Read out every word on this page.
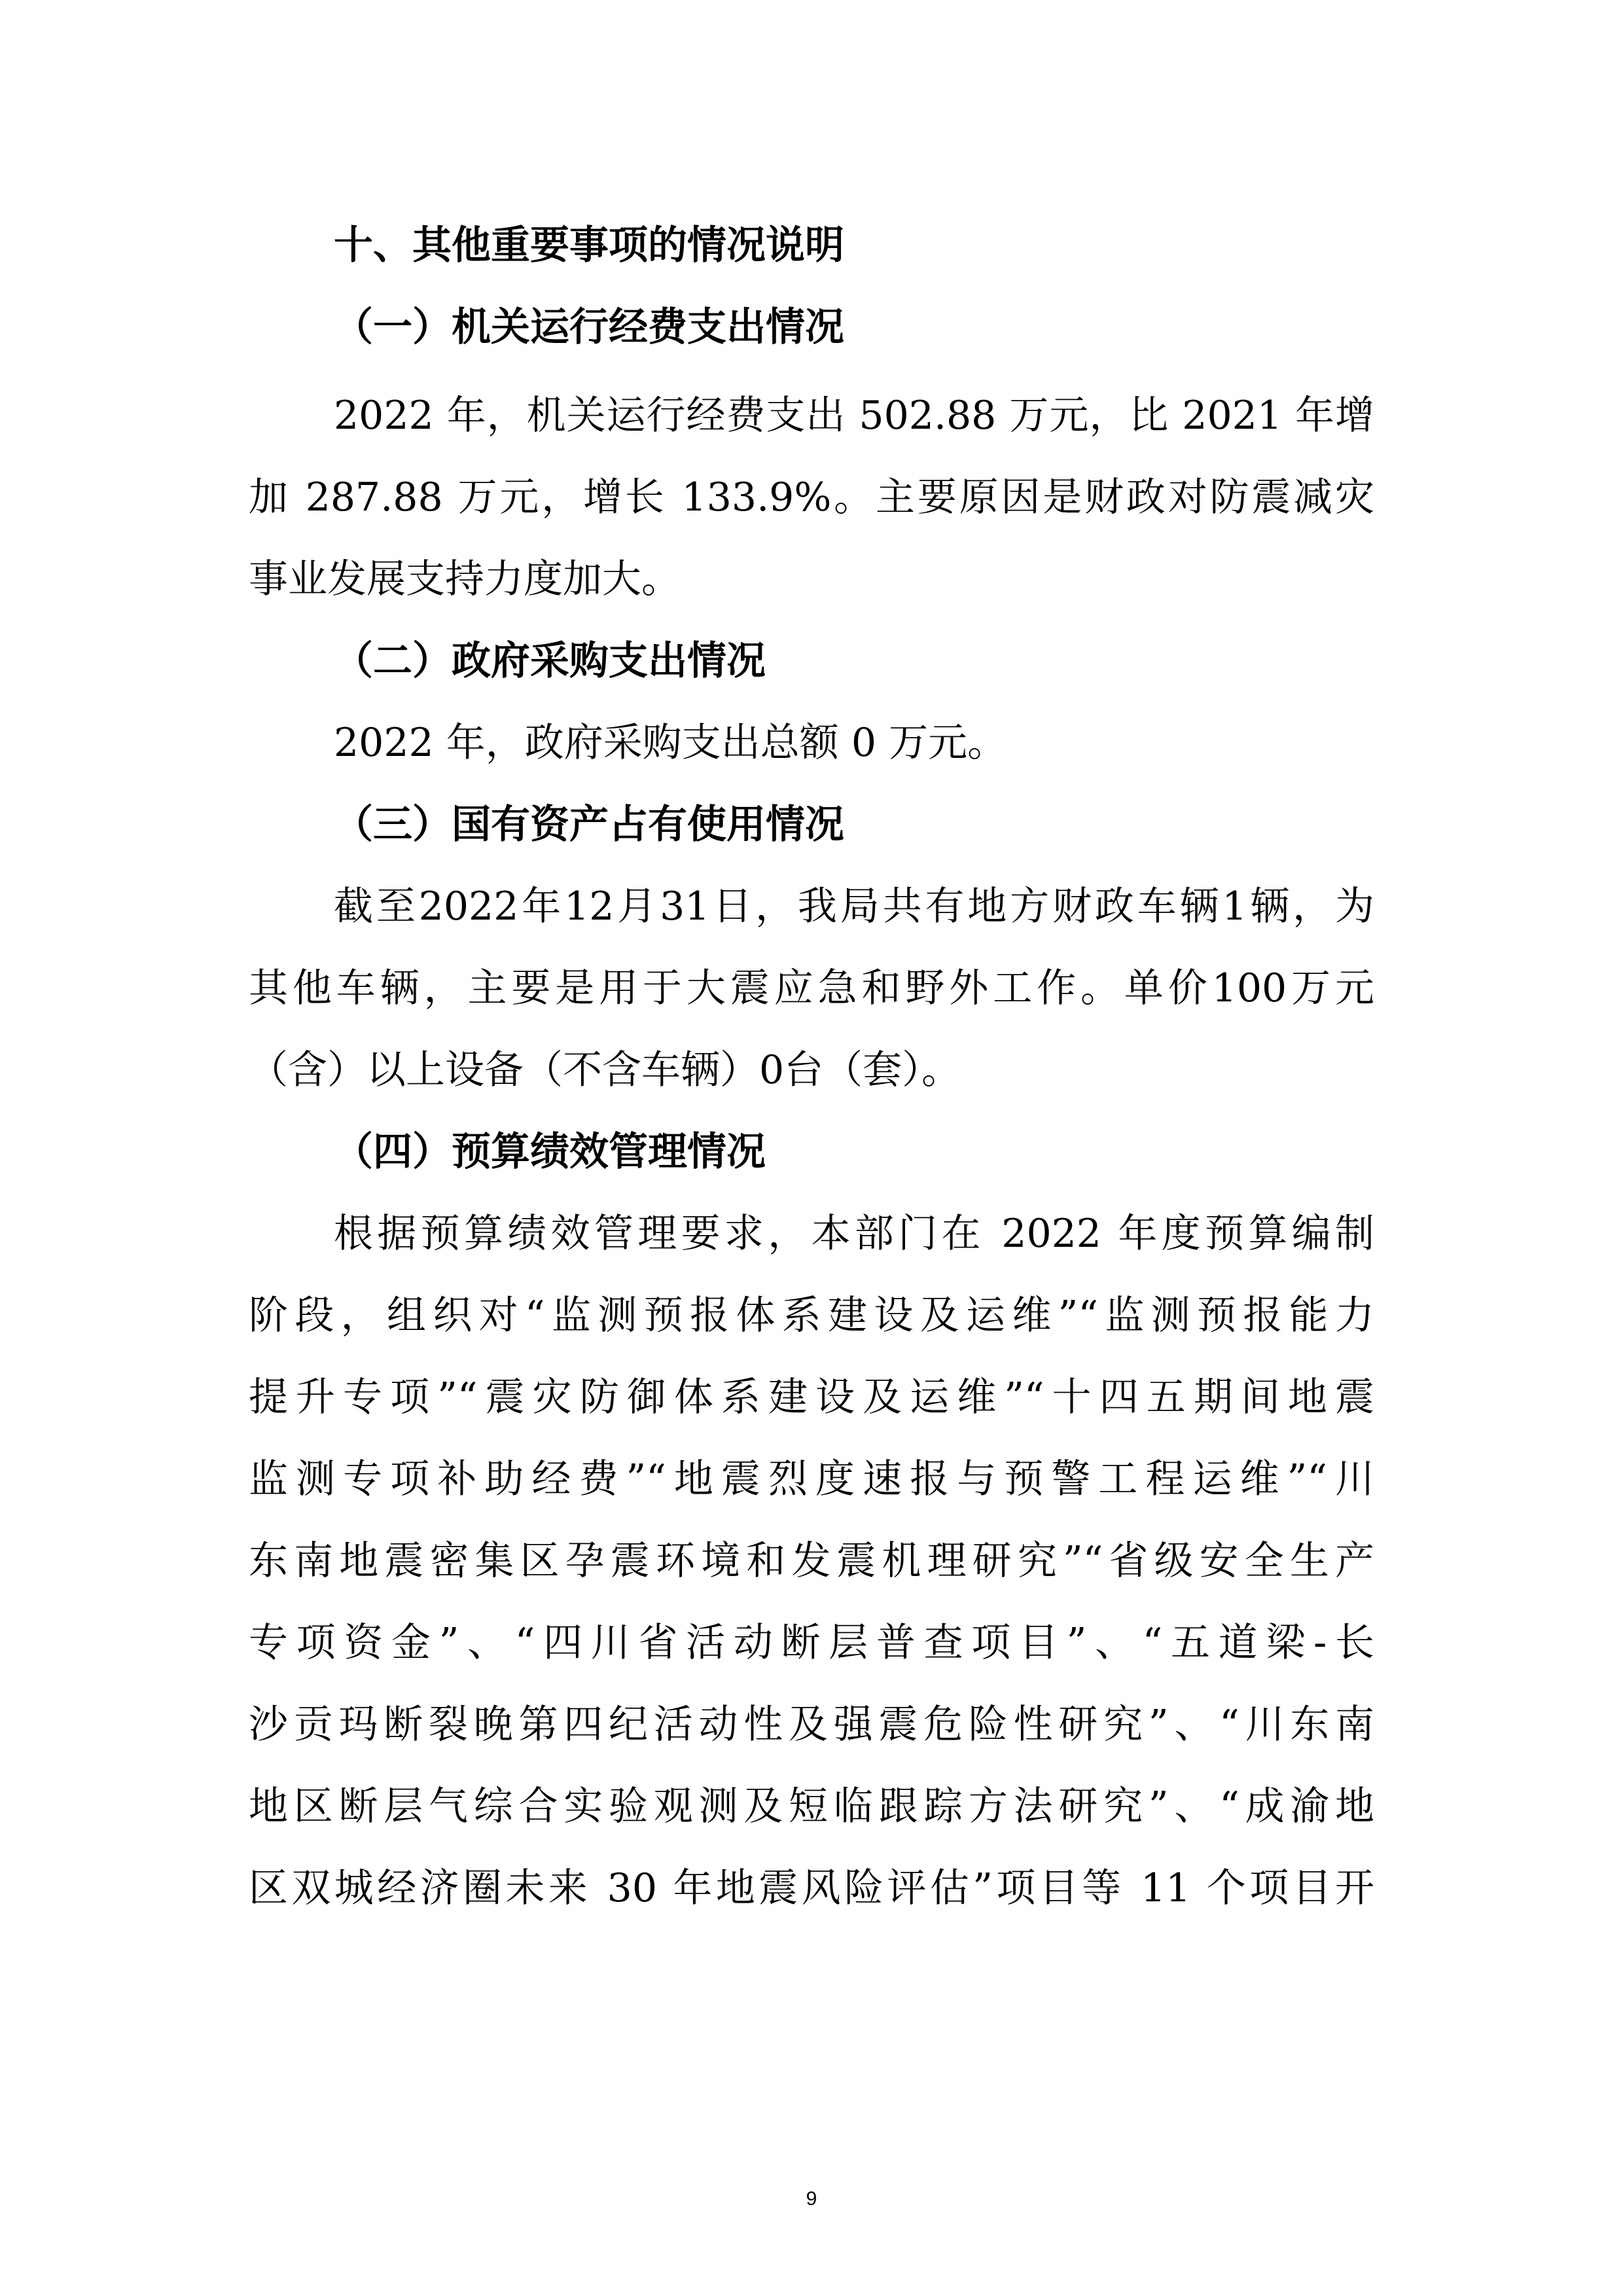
十、其他重要事项的情况说明
（一）机关运行经费支出情况
2022 年，机关运行经费支出 502.88 万元，比 2021 年增
加 287.88 万元，增长 133.9%。主要原因是财政对防震减灾
事业发展支持力度加大。
（二）政府采购支出情况
2022 年，政府采购支出总额 0 万元。
（三）国有资产占有使用情况
截至2022年12月31日，我局共有地方财政车辆1辆，为
其他车辆，主要是用于大震应急和野外工作。单价100万元
（含）以上设备（不含车辆）0台（套）。
（四）预算绩效管理情况
根据预算绩效管理要求，本部门在 2022 年度预算编制
阶段，组织对“监测预报体系建设及运维”“监测预报能力
提升专项”“震灾防御体系建设及运维”“十四五期间地震
监测专项补助经费”“地震烈度速报与预警工程运维”“川
东南地震密集区孕震环境和发震机理研究”“省级安全生产
专项资金”、“四川省活动断层普查项目”、“五道梁-长
沙贡玛断裂晚第四纪活动性及强震危险性研究”、“川东南
地区断层气综合实验观测及短临跟踪方法研究”、“成渝地
区双城经济圈未来 30 年地震风险评估”项目等 11 个项目开
9
